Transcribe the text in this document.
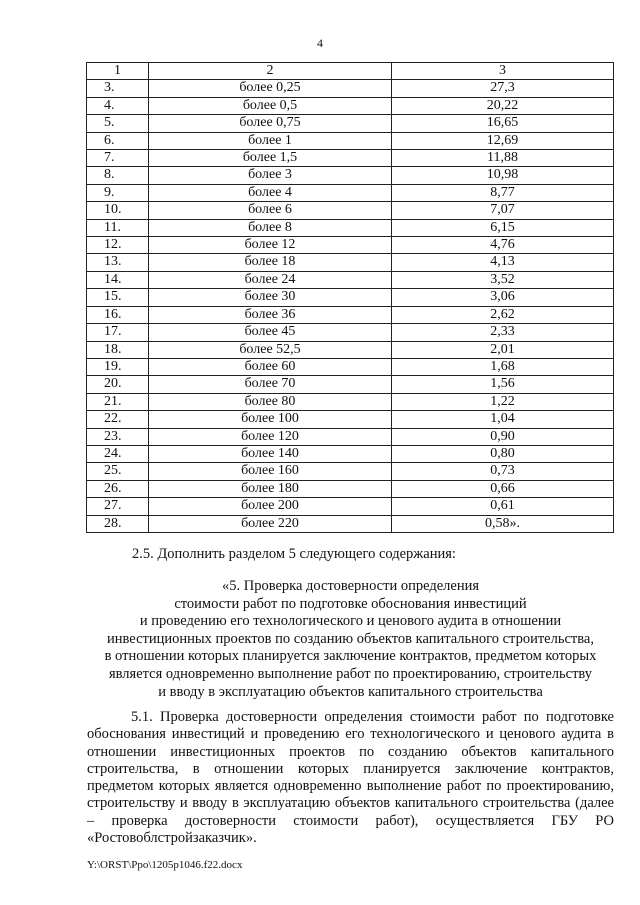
4
1	2	3
3.	более 0,25	27,3
4.	более 0,5	20,22
5.	более 0,75	16,65
6.	более 1	12,69
7.	более 1,5	11,88
8.	более 3	10,98
9.	более 4	8,77
10.	более 6	7,07
11.	более 8	6,15
12.	более 12	4,76
13.	более 18	4,13
14.	более 24	3,52
15.	более 30	3,06
16.	более 36	2,62
17.	более 45	2,33
18.	более 52,5	2,01
19.	более 60	1,68
20.	более 70	1,56
21.	более 80	1,22
22.	более 100	1,04
23.	более 120	0,90
24.	более 140	0,80
25.	более 160	0,73
26.	более 180	0,66
27.	более 200	0,61
28.	более 220	0,58».
2.5. Дополнить разделом 5 следующего содержания:
«5. Проверка достоверности определения
стоимости работ по подготовке обоснования инвестиций
и проведению его технологического и ценового аудита в отношении
инвестиционных проектов по созданию объектов капитального строительства,
в отношении которых планируется заключение контрактов, предметом которых
является одновременно выполнение работ по проектированию, строительству
и вводу в эксплуатацию объектов капитального строительства
5.1. Проверка достоверности определения стоимости работ по подготовке обоснования инвестиций и проведению его технологического и ценового аудита в отношении инвестиционных проектов по созданию объектов капитального строительства, в отношении которых планируется заключение контрактов, предметом которых является одновременно выполнение работ по проектированию, строительству и вводу в эксплуатацию объектов капитального строительства (далее – проверка достоверности стоимости работ), осуществляется ГБУ РО «Ростовоблстройзаказчик».
Y:\ORST\Ppo\1205p1046.f22.docx
